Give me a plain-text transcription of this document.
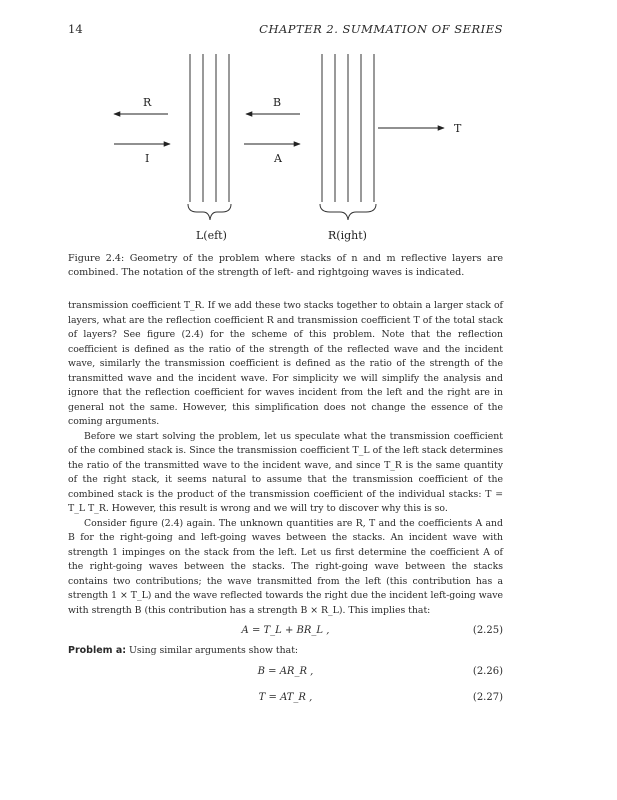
14	CHAPTER 2. SUMMATION OF SERIES
R	B
T
I	A
L(eft)	R(ight)
Figure 2.4: Geometry of the problem where stacks of n and m reflective layers are combined. The notation of the strength of left- and rightgoing waves is indicated.

transmission coefficient T_R. If we add these two stacks together to obtain a larger stack of layers, what are the reflection coefficient R and transmission coefficient T of the total stack of layers? See figure (2.4) for the scheme of this problem. Note that the reflection coefficient is defined as the ratio of the strength of the reflected wave and the incident wave, similarly the transmission coefficient is defined as the ratio of the strength of the transmitted wave and the incident wave. For simplicity we will simplify the analysis and ignore that the reflection coefficient for waves incident from the left and the right are in general not the same. However, this simplification does not change the essence of the coming arguments.

Before we start solving the problem, let us speculate what the transmission coefficient of the combined stack is. Since the transmission coefficient T_L of the left stack determines the ratio of the transmitted wave to the incident wave, and since T_R is the same quantity of the right stack, it seems natural to assume that the transmission coefficient of the combined stack is the product of the transmission coefficient of the individual stacks: T = T_L T_R. However, this result is wrong and we will try to discover why this is so.

Consider figure (2.4) again. The unknown quantities are R, T and the coefficients A and B for the right-going and left-going waves between the stacks. An incident wave with strength 1 impinges on the stack from the left. Let us first determine the coefficient A of the right-going waves between the stacks. The right-going wave between the stacks contains two contributions; the wave transmitted from the left (this contribution has a strength 1 × T_L) and the wave reflected towards the right due the incident left-going wave with strength B (this contribution has a strength B × R_L). This implies that:

A = T_L + BR_L ,	(2.25)

Problem a: Using similar arguments show that:

B = AR_R ,	(2.26)
T = AT_R ,	(2.27)
